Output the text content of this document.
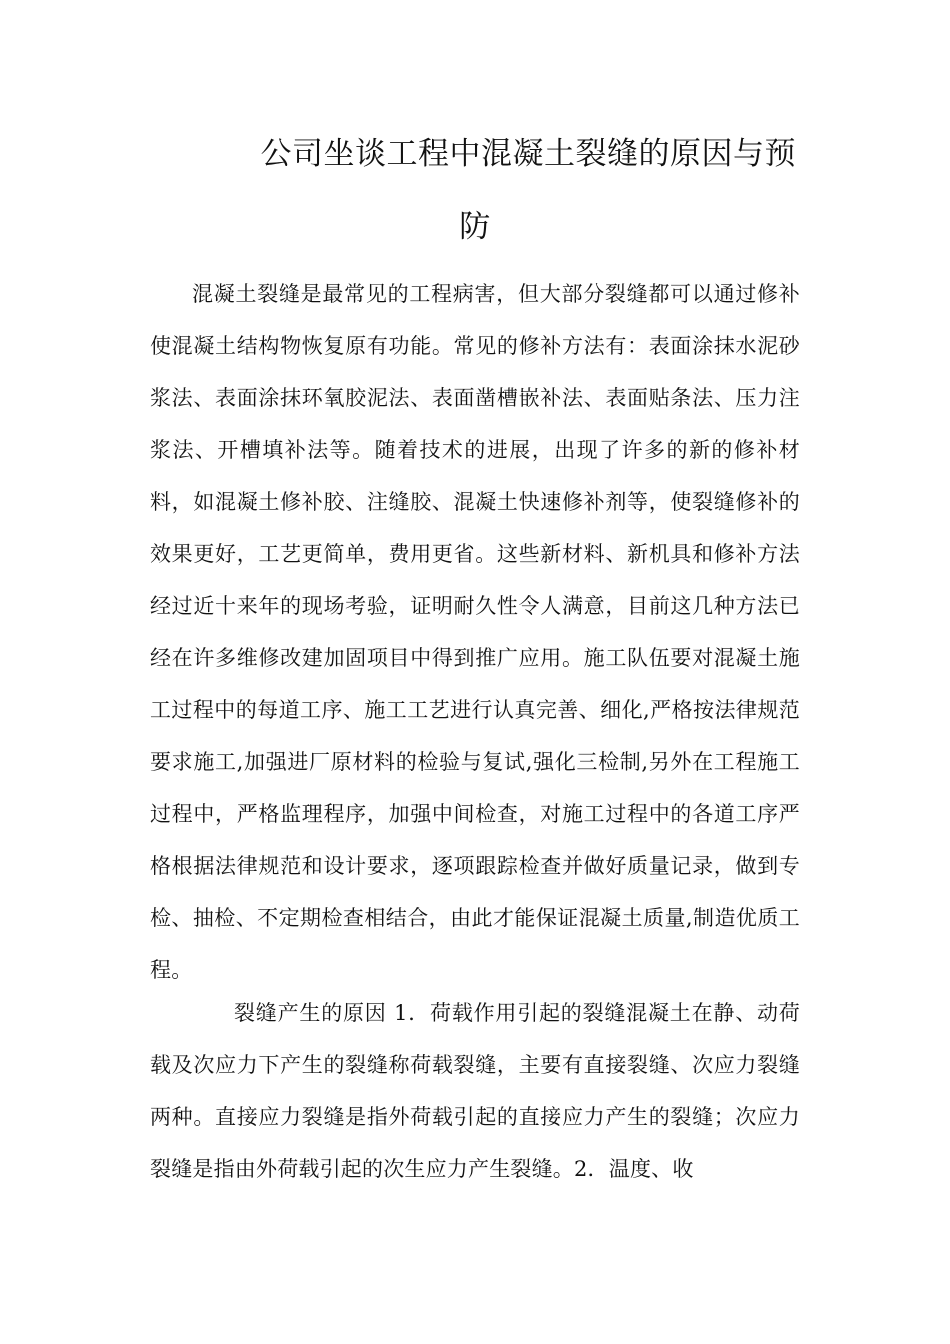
公司坐谈工程中混凝土裂缝的原因与预
防

混凝土裂缝是最常见的工程病害，但大部分裂缝都可以通过修补使混凝土结构物恢复原有功能。常见的修补方法有：表面涂抹水泥砂浆法、表面涂抹环氧胶泥法、表面凿槽嵌补法、表面贴条法、压力注浆法、开槽填补法等。随着技术的进展，出现了许多的新的修补材料，如混凝土修补胶、注缝胶、混凝土快速修补剂等，使裂缝修补的效果更好，工艺更简单，费用更省。这些新材料、新机具和修补方法经过近十来年的现场考验，证明耐久性令人满意，目前这几种方法已经在许多维修改建加固项目中得到推广应用。施工队伍要对混凝土施工过程中的每道工序、施工工艺进行认真完善、细化,严格按法律规范要求施工,加强进厂原材料的检验与复试,强化三检制,另外在工程施工过程中，严格监理程序，加强中间检查，对施工过程中的各道工序严格根据法律规范和设计要求，逐项跟踪检查并做好质量记录，做到专检、抽检、不定期检查相结合，由此才能保证混凝土质量,制造优质工程。

裂缝产生的原因 1．荷载作用引起的裂缝混凝土在静、动荷载及次应力下产生的裂缝称荷载裂缝，主要有直接裂缝、次应力裂缝两种。直接应力裂缝是指外荷载引起的直接应力产生的裂缝；次应力裂缝是指由外荷载引起的次生应力产生裂缝。2．温度、收
